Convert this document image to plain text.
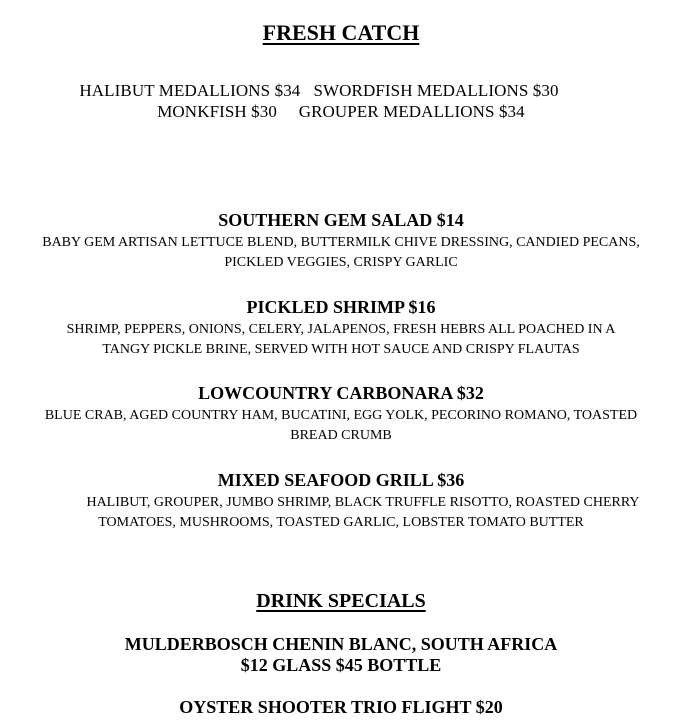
FRESH CATCH
HALIBUT MEDALLIONS $34   SWORDFISH MEDALLIONS $30
MONKFISH $30     GROUPER MEDALLIONS $34
SOUTHERN GEM SALAD $14
BABY GEM ARTISAN LETTUCE BLEND, BUTTERMILK CHIVE DRESSING, CANDIED PECANS,
PICKLED VEGGIES, CRISPY GARLIC
PICKLED SHRIMP $16
SHRIMP, PEPPERS, ONIONS, CELERY, JALAPENOS, FRESH HEBRS ALL POACHED IN A
TANGY PICKLE BRINE, SERVED WITH HOT SAUCE AND CRISPY FLAUTAS
LOWCOUNTRY CARBONARA $32
BLUE CRAB, AGED COUNTRY HAM, BUCATINI, EGG YOLK, PECORINO ROMANO, TOASTED
BREAD CRUMB
MIXED SEAFOOD GRILL $36
HALIBUT, GROUPER, JUMBO SHRIMP, BLACK TRUFFLE RISOTTO, ROASTED CHERRY
TOMATOES, MUSHROOMS, TOASTED GARLIC, LOBSTER TOMATO BUTTER
DRINK SPECIALS
MULDERBOSCH CHENIN BLANC, SOUTH AFRICA
$12 GLASS $45 BOTTLE
OYSTER SHOOTER TRIO FLIGHT $20
